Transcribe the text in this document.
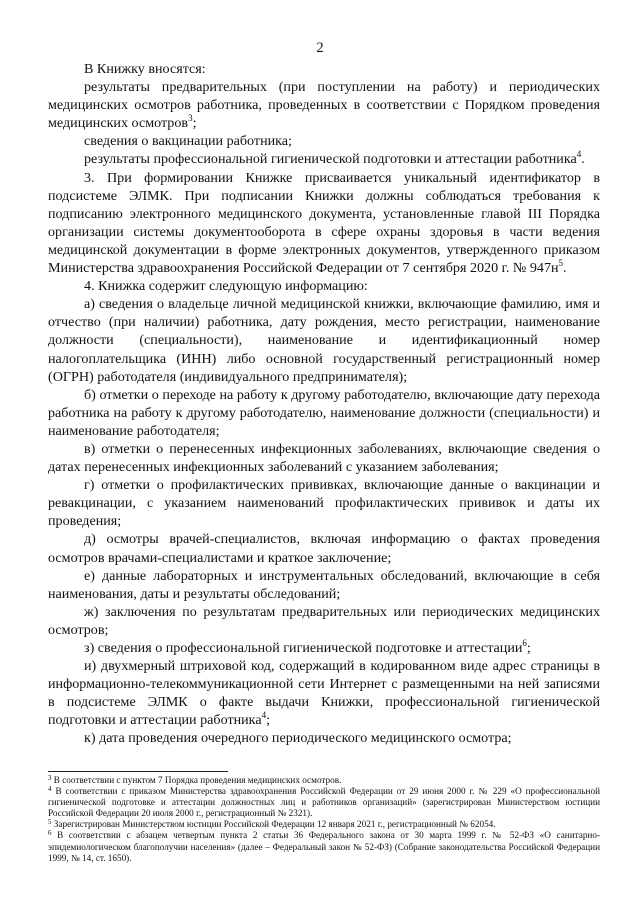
2

В Книжку вносятся:

результаты предварительных (при поступлении на работу) и периодических медицинских осмотров работника, проведенных в соответствии с Порядком проведения медицинских осмотров$^3$;

сведения о вакцинации работника;

результаты профессиональной гигиенической подготовки и аттестации работника$^4$.

3. При формировании Книжке присваивается уникальный идентификатор в подсистеме ЭЛМК. При подписании Книжки должны соблюдаться требования к подписанию электронного медицинского документа, установленные главой III Порядка организации системы документооборота в сфере охраны здоровья в части ведения медицинской документации в форме электронных документов, утвержденного приказом Министерства здравоохранения Российской Федерации от 7 сентября 2020 г. № $947н^5$.

4. Книжка содержит следующую информацию:

а) сведения о владельце личной медицинской книжки, включающие фамилию, имя и отчество (при наличии) работника, дату рождения, место регистрации, наименование должности (специальности), наименование и идентификационный номер налогоплательщика (ИНН) либо основной государственный регистрационный номер (ОГРН) работодателя (индивидуального предпринимателя);

б) отметки о переходе на работу к другому работодателю, включающие дату перехода работника на работу к другому работодателю, наименование должности (специальности) и наименование работодателя;

в) отметки о перенесенных инфекционных заболеваниях, включающие сведения о датах перенесенных инфекционных заболеваний с указанием заболевания;

г) отметки о профилактических прививках, включающие данные о вакцинации и ревакцинации, с указанием наименований профилактических прививок и даты их проведения;

д) осмотры врачей-специалистов, включая информацию о фактах проведения осмотров врачами-специалистами и краткое заключение;

е) данные лабораторных и инструментальных обследований, включающие в себя наименования, даты и результаты обследований;

ж) заключения по результатам предварительных или периодических медицинских осмотров;

з) сведения о профессиональной гигиенической подготовке и аттестации$^6$;

и) двухмерный штриховой код, содержащий в кодированном виде адрес страницы в информационно-телекоммуникационной сети Интернет с размещенными на ней записями в подсистеме ЭЛМК о факте выдачи Книжки, профессиональной гигиенической подготовки и аттестации работника$^4$;

к) дата проведения очередного периодического медицинского осмотра;

$^3$ В соответствии с пунктом 7 Порядка проведения медицинских осмотров.

$^4$ В соответствии с приказом Министерства здравоохранения Российской Федерации от 29 июня 2000 г. № 229 «О профессиональной гигиенической подготовке и аттестации должностных лиц и работников организаций» (зарегистрирован Министерством юстиции Российской Федерации 20 июля 2000 г., регистрационный № 2321).

$^5$ Зарегистрирован Министерством юстиции Российской Федерации 12 января 2021 г., регистрационный № 62054.

$^6$ В соответствии с абзацем четвертым пункта 2 статьи 36 Федерального закона от 30 марта 1999 г. № 52-ФЗ «О санитарно-эпидемиологическом благополучии населения» (далее – Федеральный закон № 52-ФЗ) (Собрание законодательства Российской Федерации 1999, № 14, ст. 1650).
